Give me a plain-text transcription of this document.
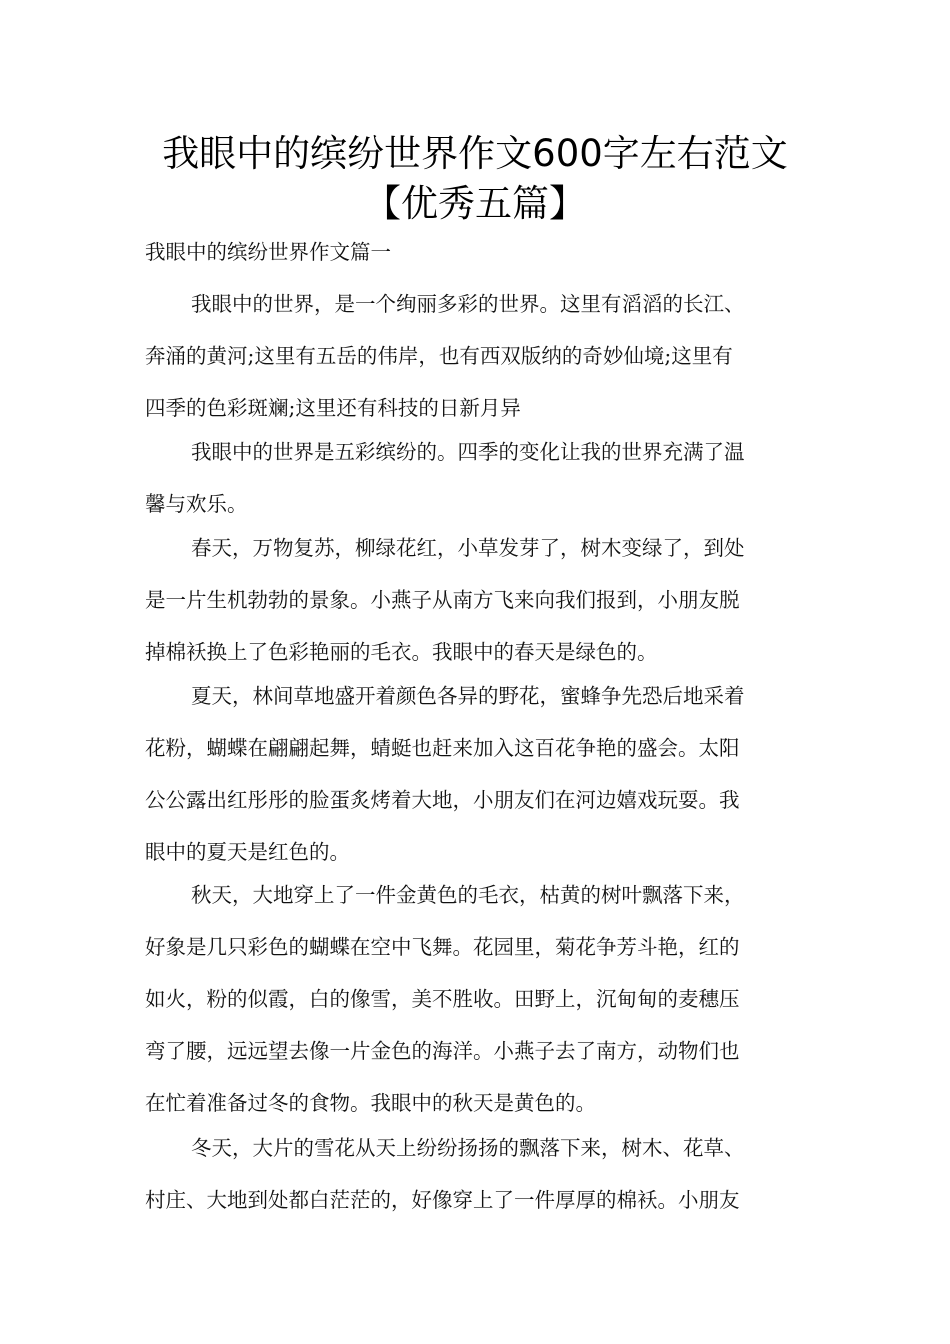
我眼中的缤纷世界作文600字左右范文
【优秀五篇】

我眼中的缤纷世界作文篇一

我眼中的世界，是一个绚丽多彩的世界。这里有滔滔的长江、
奔涌的黄河;这里有五岳的伟岸，也有西双版纳的奇妙仙境;这里有
四季的色彩斑斓;这里还有科技的日新月异
我眼中的世界是五彩缤纷的。四季的变化让我的世界充满了温
馨与欢乐。
春天，万物复苏，柳绿花红，小草发芽了，树木变绿了，到处
是一片生机勃勃的景象。小燕子从南方飞来向我们报到，小朋友脱
掉棉袄换上了色彩艳丽的毛衣。我眼中的春天是绿色的。
夏天，林间草地盛开着颜色各异的野花，蜜蜂争先恐后地采着
花粉，蝴蝶在翩翩起舞，蜻蜓也赶来加入这百花争艳的盛会。太阳
公公露出红彤彤的脸蛋炙烤着大地，小朋友们在河边嬉戏玩耍。我
眼中的夏天是红色的。
秋天，大地穿上了一件金黄色的毛衣，枯黄的树叶飘落下来，
好象是几只彩色的蝴蝶在空中飞舞。花园里，菊花争芳斗艳，红的
如火，粉的似霞，白的像雪，美不胜收。田野上，沉甸甸的麦穗压
弯了腰，远远望去像一片金色的海洋。小燕子去了南方，动物们也
在忙着准备过冬的食物。我眼中的秋天是黄色的。
冬天，大片的雪花从天上纷纷扬扬的飘落下来，树木、花草、
村庄、大地到处都白茫茫的，好像穿上了一件厚厚的棉袄。小朋友
